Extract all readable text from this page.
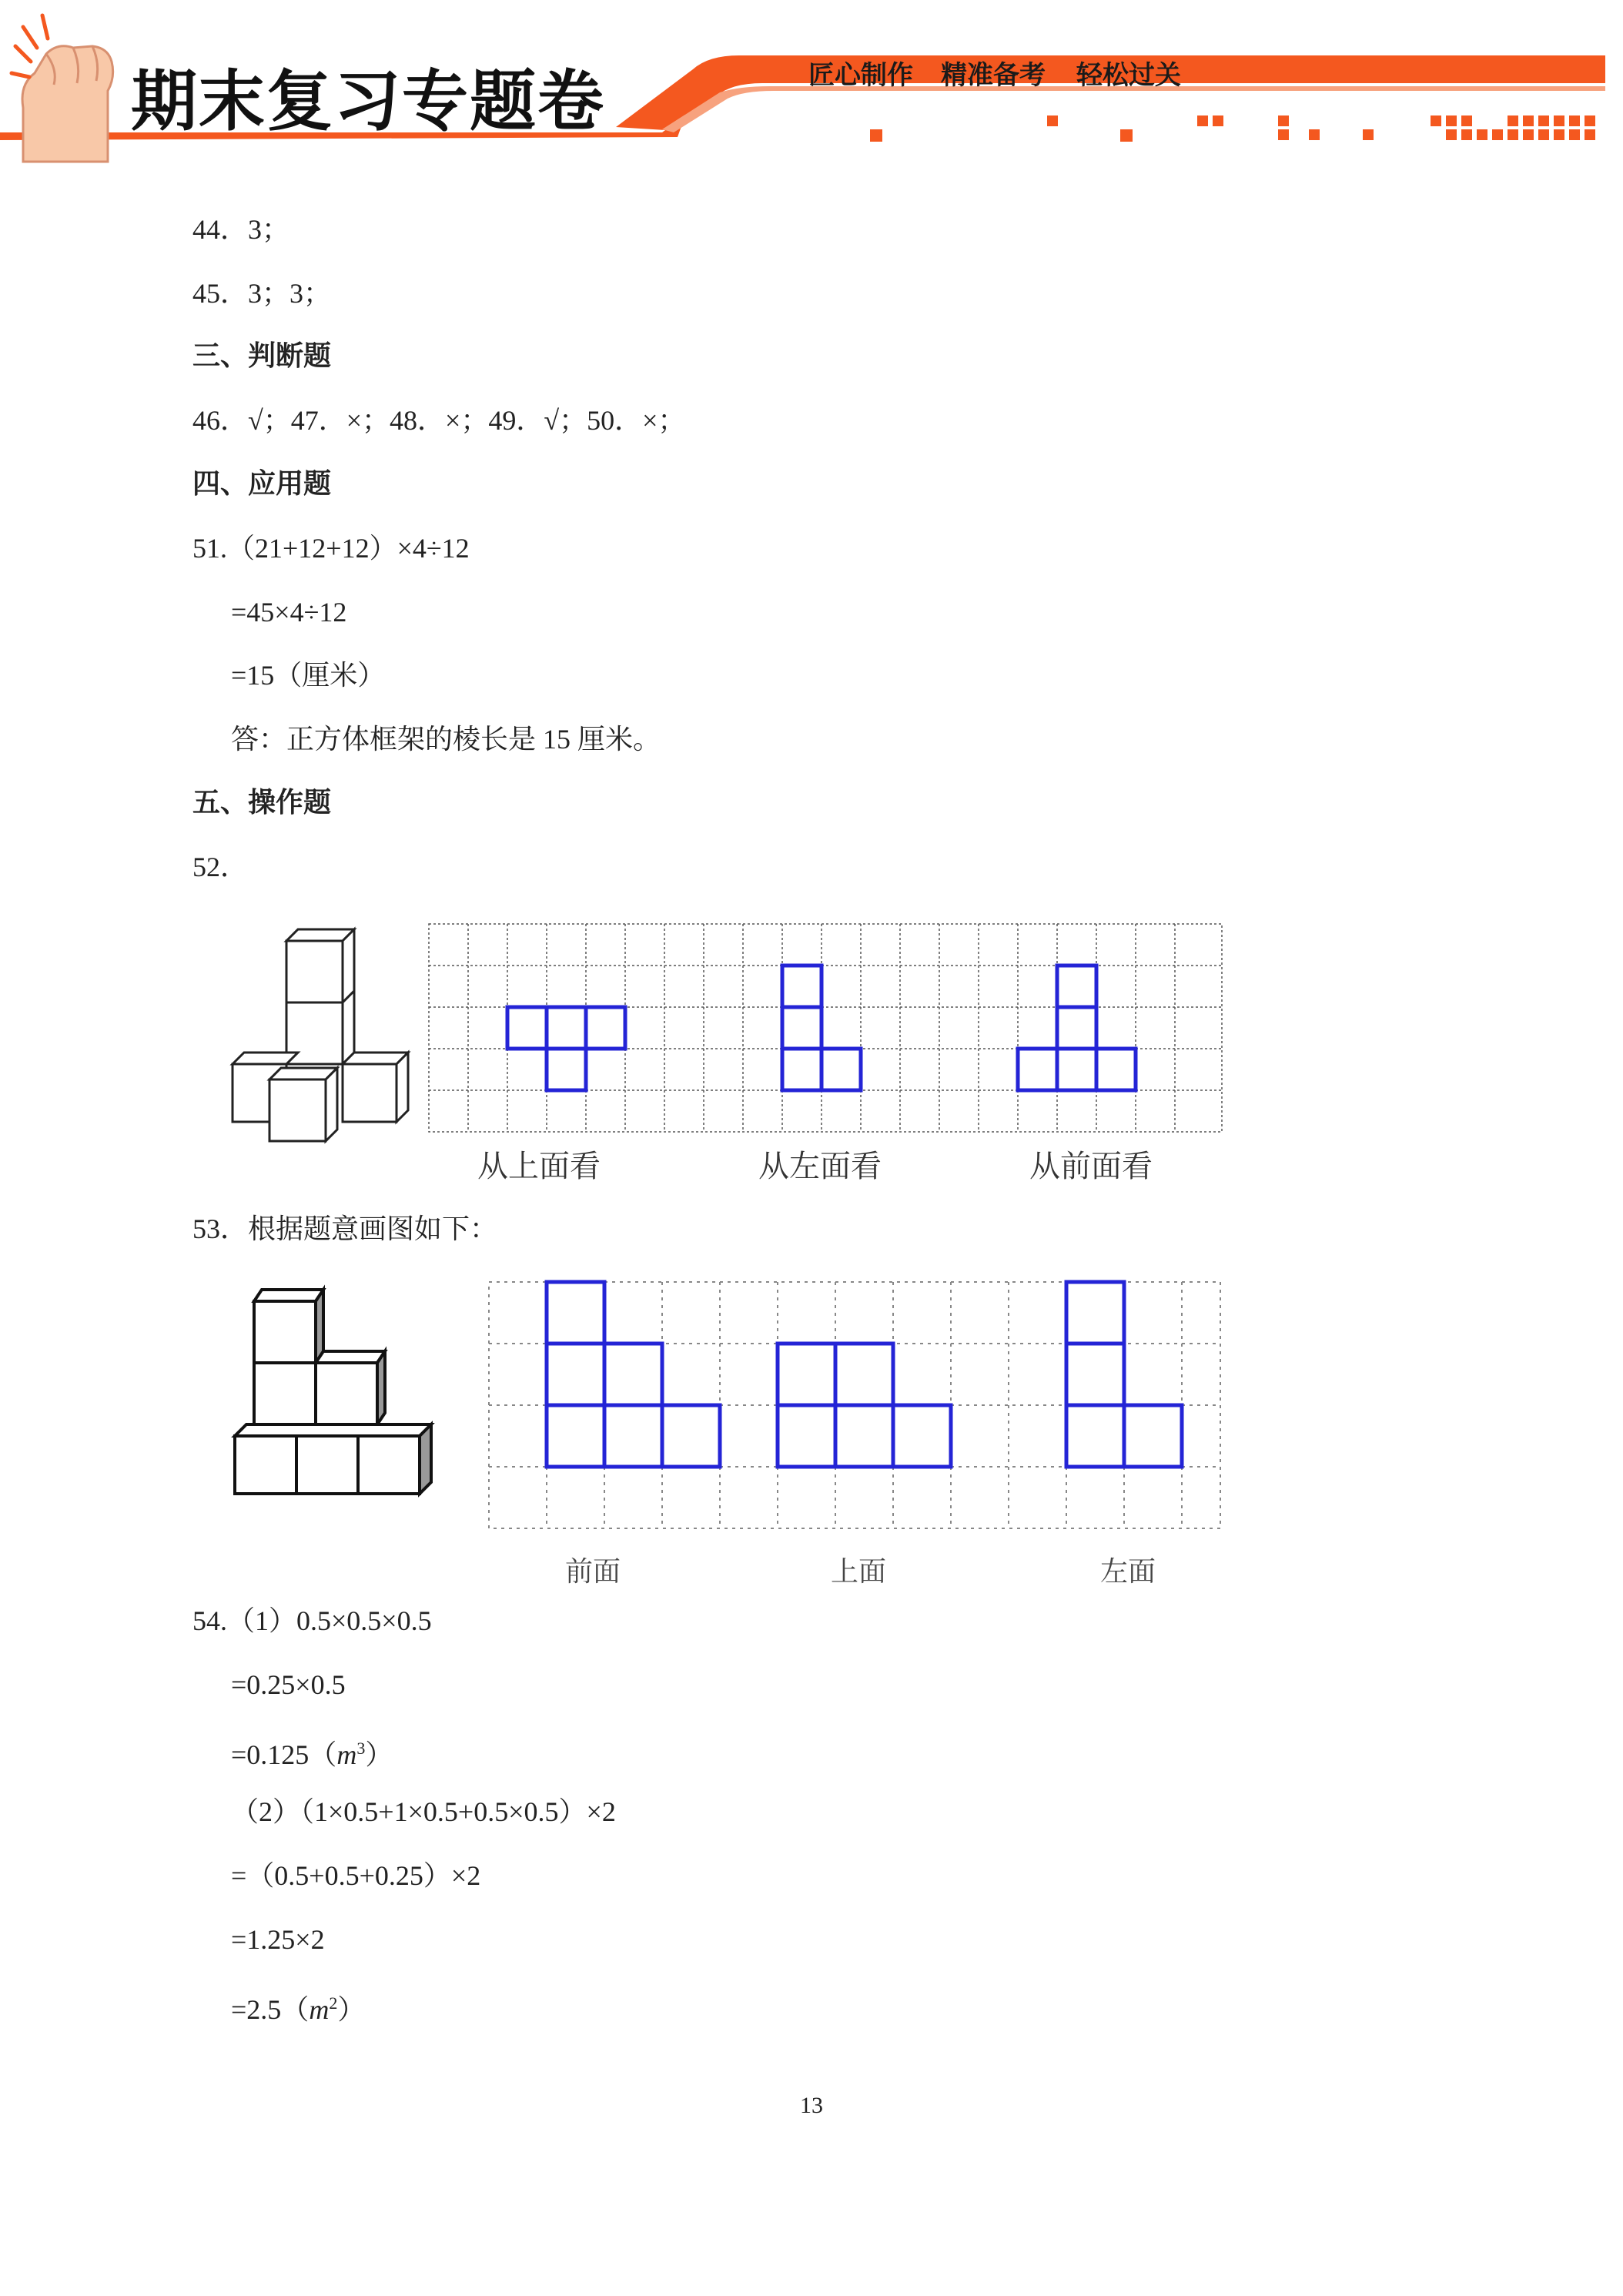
期末复习专题卷	匠心制作 精准备考 轻松过关
44．3；
45．3；3；
三、判断题
46．√；47．×；48．×；49．√；50．×；
四、应用题
51.（21+12+12）×4÷12
=45×4÷12
=15（厘米）
答：正方体框架的棱长是 15 厘米。
五、操作题
52．
从上面看	从左面看	从前面看
53．根据题意画图如下：
前面	上面	左面
54.（1）0.5×0.5×0.5
=0.25×0.5
$=0.125(m^3)$
（2）（1×0.5+1×0.5+0.5×0.5）×2
=（0.5+0.5+0.25）×2
=1.25×2
$=2.5(m^2)$
13
